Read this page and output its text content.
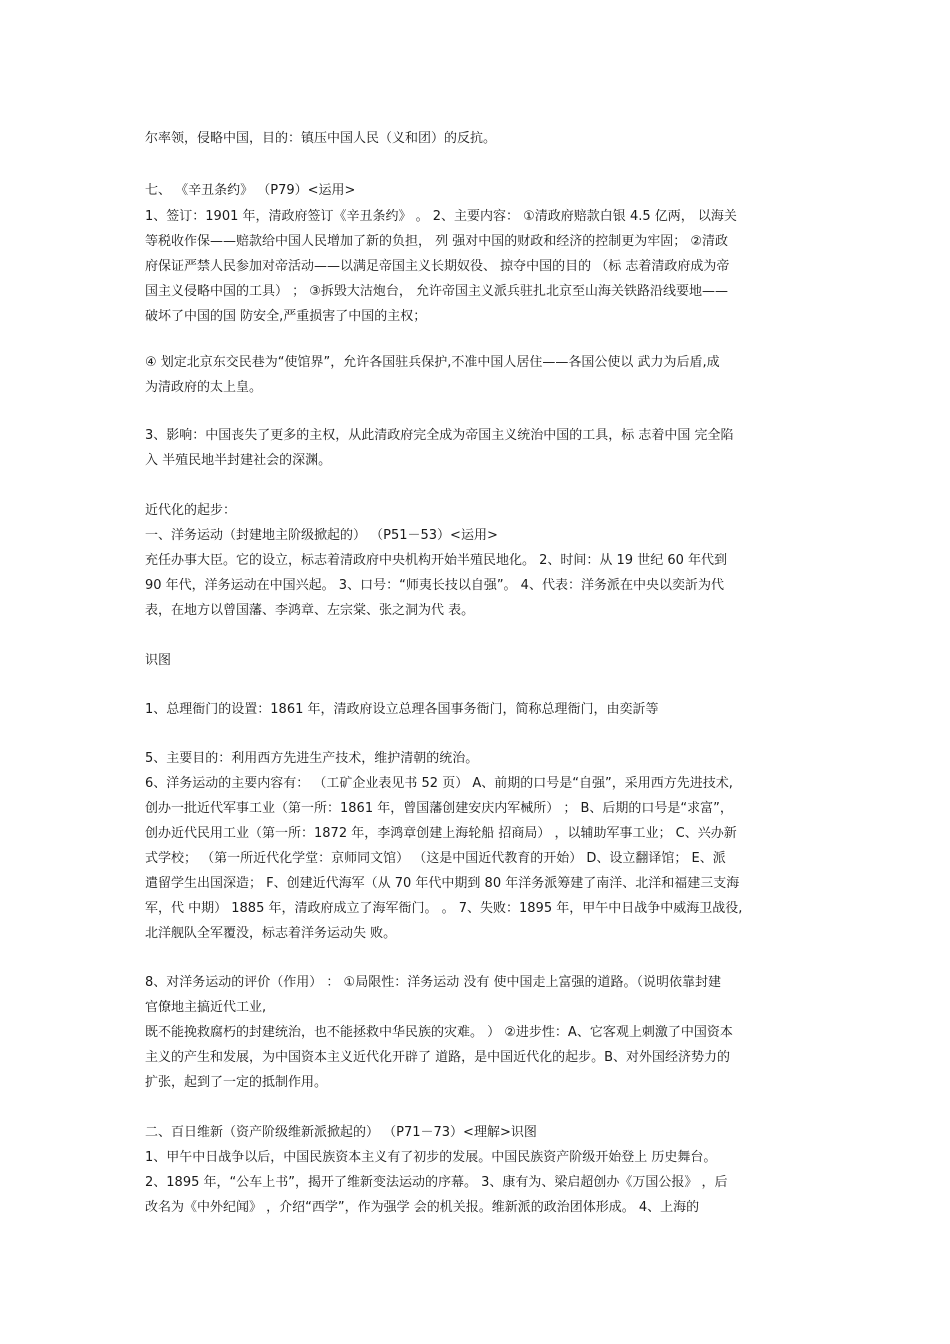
尔率领，侵略中国，目的：镇压中国人民（义和团）的反抗。
七、 《辛丑条约》 （P79）<运用>
1、签订：1901 年，清政府签订《辛丑条约》 。 2、主要内容： ①清政府赔款白银 4.5 亿两， 以海关
等税收作保——赔款给中国人民增加了新的负担， 列 强对中国的财政和经济的控制更为牢固； ②清政
府保证严禁人民参加对帝活动——以满足帝国主义长期奴役、 掠夺中国的目的 （标 志着清政府成为帝
国主义侵略中国的工具） ； ③拆毁大沽炮台， 允许帝国主义派兵驻扎北京至山海关铁路沿线要地——
破坏了中国的国 防安全,严重损害了中国的主权；
④ 划定北京东交民巷为“使馆界”，允许各国驻兵保护,不准中国人居住——各国公使以 武力为后盾,成
为清政府的太上皇。
3、影响：中国丧失了更多的主权，从此清政府完全成为帝国主义统治中国的工具，标 志着中国 完全陷
入 半殖民地半封建社会的深渊。
近代化的起步：
一、洋务运动（封建地主阶级掀起的） （P51－53）<运用>
充任办事大臣。它的设立，标志着清政府中央机构开始半殖民地化。 2、时间：从 19 世纪 60 年代到
90 年代，洋务运动在中国兴起。 3、口号：“师夷长技以自强”。 4、代表：洋务派在中央以奕訢为代
表，在地方以曾国藩、李鸿章、左宗棠、张之洞为代 表。
识图
1、总理衙门的设置：1861 年，清政府设立总理各国事务衙门，简称总理衙门，由奕訢等
5、主要目的：利用西方先进生产技术，维护清朝的统治。
6、洋务运动的主要内容有： （工矿企业表见书 52 页） A、前期的口号是“自强”，采用西方先进技术,
创办一批近代军事工业（第一所：1861 年，曾国藩创建安庆内军械所） ； B、后期的口号是“求富”，
创办近代民用工业（第一所：1872 年，李鸿章创建上海轮船 招商局） ，以辅助军事工业； C、兴办新
式学校； （第一所近代化学堂：京师同文馆） （这是中国近代教育的开始） D、设立翻译馆； E、派
遣留学生出国深造； F、创建近代海军（从 70 年代中期到 80 年洋务派筹建了南洋、北洋和福建三支海
军，代 中期） 1885 年，清政府成立了海军衙门。 。 7、失败：1895 年，甲午中日战争中威海卫战役,
北洋舰队全军覆没，标志着洋务运动失 败。
8、对洋务运动的评价（作用） ： ①局限性：洋务运动 没有 使中国走上富强的道路。（说明依靠封建
官僚地主搞近代工业,
既不能挽救腐朽的封建统治，也不能拯救中华民族的灾难。 ） ②进步性：A、它客观上刺激了中国资本
主义的产生和发展，为中国资本主义近代化开辟了 道路，是中国近代化的起步。B、对外国经济势力的
扩张，起到了一定的抵制作用。
二、百日维新（资产阶级维新派掀起的） （P71－73）<理解>识图
1、甲午中日战争以后，中国民族资本主义有了初步的发展。中国民族资产阶级开始登上 历史舞台。
2、1895 年，“公车上书”，揭开了维新变法运动的序幕。 3、康有为、梁启超创办《万国公报》 ，后
改名为《中外纪闻》 ，介绍“西学”，作为强学 会的机关报。维新派的政治团体形成。 4、上海的
